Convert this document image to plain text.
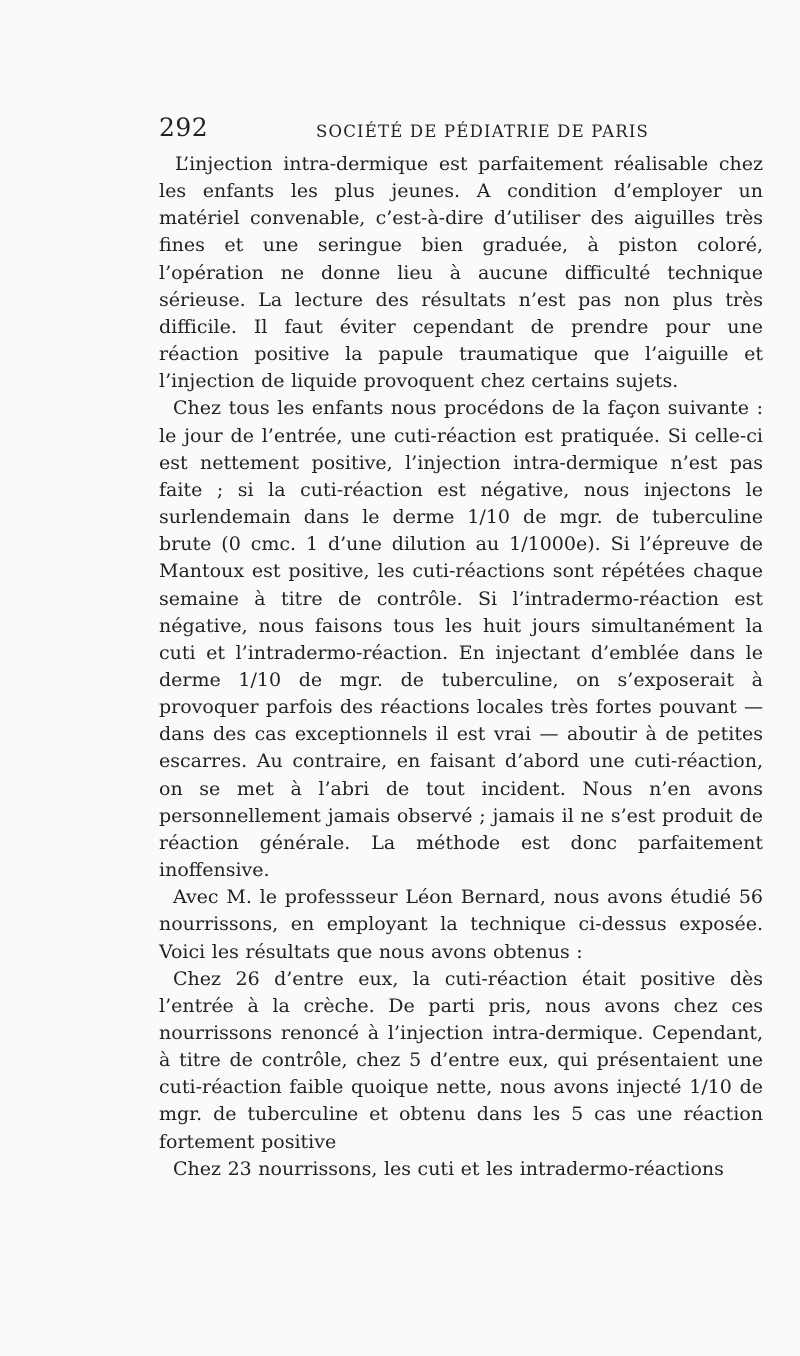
292	SOCIÉTÉ DE PÉDIATRIE DE PARIS

L’injection intra-dermique est parfaitement réalisable chez les enfants les plus jeunes. A condition d’employer un matériel convenable, c’est-à-dire d’utiliser des aiguilles très fines et une seringue bien graduée, à piston coloré, l’opération ne donne lieu à aucune difficulté technique sérieuse. La lecture des résultats n’est pas non plus très difficile. Il faut éviter cependant de prendre pour une réaction positive la papule traumatique que l’aiguille et l’injection de liquide provoquent chez certains sujets.

Chez tous les enfants nous procédons de la façon suivante : le jour de l’entrée, une cuti-réaction est pratiquée. Si celle-ci est nettement positive, l’injection intra-dermique n’est pas faite ; si la cuti-réaction est négative, nous injectons le surlendemain dans le derme 1/10 de mgr. de tuberculine brute (0 cmc. 1 d’une dilution au 1/1000e). Si l’épreuve de Mantoux est positive, les cuti-réactions sont répétées chaque semaine à titre de contrôle. Si l’intradermo-réaction est négative, nous faisons tous les huit jours simultanément la cuti et l’intradermo-réaction. En injectant d’emblée dans le derme 1/10 de mgr. de tuberculine, on s’exposerait à provoquer parfois des réactions locales très fortes pouvant — dans des cas exceptionnels il est vrai — aboutir à de petites escarres. Au contraire, en faisant d’abord une cuti-réaction, on se met à l’abri de tout incident. Nous n’en avons personnellement jamais observé ; jamais il ne s’est produit de réaction générale. La méthode est donc parfaitement inoffensive.

Avec M. le professseur Léon Bernard, nous avons étudié 56 nourrissons, en employant la technique ci-dessus exposée. Voici les résultats que nous avons obtenus :

Chez 26 d’entre eux, la cuti-réaction était positive dès l’entrée à la crèche. De parti pris, nous avons chez ces nourrissons renoncé à l’injection intra-dermique. Cependant, à titre de contrôle, chez 5 d’entre eux, qui présentaient une cuti-réaction faible quoique nette, nous avons injecté 1/10 de mgr. de tuberculine et obtenu dans les 5 cas une réaction fortement positive

Chez 23 nourrissons, les cuti et les intradermo-réactions
